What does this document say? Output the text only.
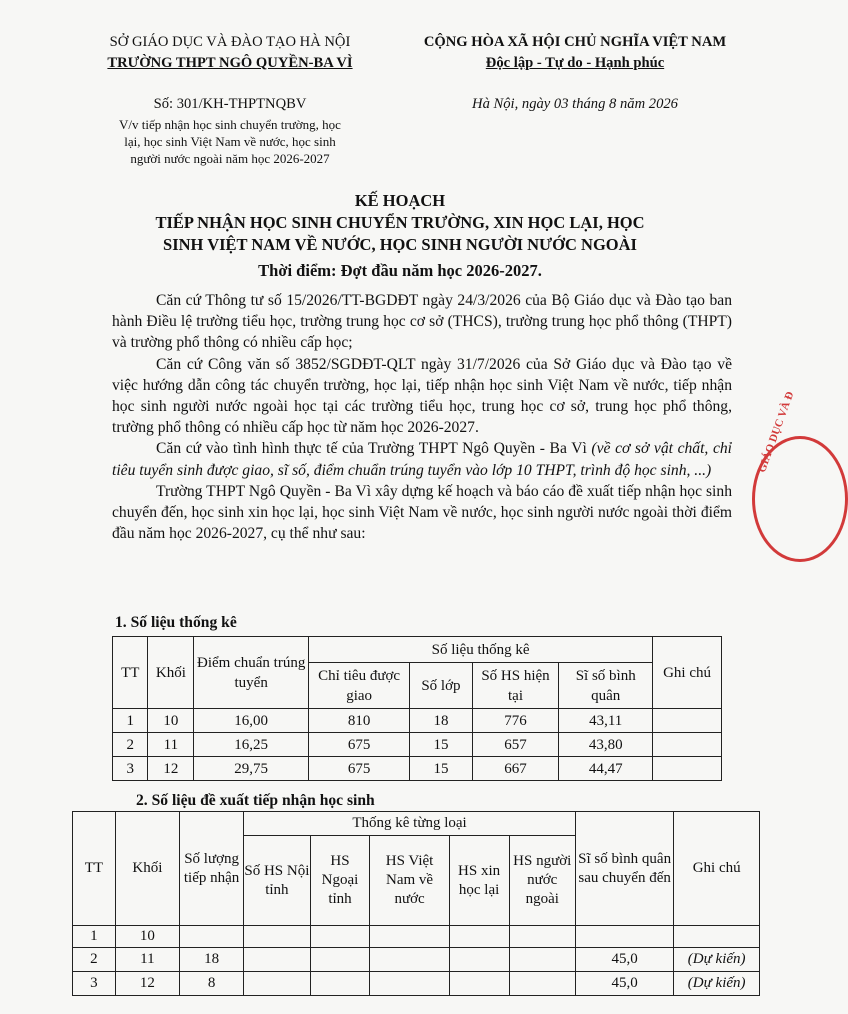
SỞ GIÁO DỤC VÀ ĐÀO TẠO HÀ NỘI
TRƯỜNG THPT NGÔ QUYỀN-BA VÌ
Số: 301/KH-THPTNQBV
CỘNG HÒA XÃ HỘI CHỦ NGHĨA VIỆT NAM
Độc lập - Tự do - Hạnh phúc
Hà Nội, ngày 03 tháng 8 năm 2026
V/v tiếp nhận học sinh chuyển trường, học
lại, học sinh Việt Nam về nước, học sinh
người nước ngoài năm học 2026-2027
KẾ HOẠCH
TIẾP NHẬN HỌC SINH CHUYỂN TRƯỜNG, XIN HỌC LẠI, HỌC
SINH VIỆT NAM VỀ NƯỚC, HỌC SINH NGƯỜI NƯỚC NGOÀI
Thời điểm: Đợt đầu năm học 2026-2027.

Căn cứ Thông tư số 15/2026/TT-BGDĐT ngày 24/3/2026 của Bộ Giáo dục và Đào tạo ban hành Điều lệ trường tiểu học, trường trung học cơ sở (THCS), trường trung học phổ thông (THPT) và trường phổ thông có nhiều cấp học;

Căn cứ Công văn số 3852/SGDĐT-QLT ngày 31/7/2026 của Sở Giáo dục và Đào tạo về việc hướng dẫn công tác chuyển trường, học lại, tiếp nhận học sinh Việt Nam về nước, tiếp nhận học sinh người nước ngoài học tại các trường tiểu học, trung học cơ sở, trung học phổ thông, trường phổ thông có nhiều cấp học từ năm học 2026-2027.

Căn cứ vào tình hình thực tế của Trường THPT Ngô Quyền - Ba Vì (về cơ sở vật chất, chỉ tiêu tuyển sinh được giao, sĩ số, điểm chuẩn trúng tuyển vào lớp 10 THPT, trình độ học sinh, ...)

Trường THPT Ngô Quyền - Ba Vì xây dựng kế hoạch và báo cáo đề xuất tiếp nhận học sinh chuyển đến, học sinh xin học lại, học sinh Việt Nam về nước, học sinh người nước ngoài thời điểm đầu năm học 2026-2027, cụ thể như sau:

1. Số liệu thống kê
TT	Khối	Điểm chuẩn trúng tuyển	Số liệu thống kê				Ghi chú
			Chỉ tiêu được giao	Số lớp	Số HS hiện tại	Sĩ số bình quân	
1	10	16,00	810	18	776	43,11	
2	11	16,25	675	15	657	43,80	
3	12	29,75	675	15	667	44,47	
2. Số liệu đề xuất tiếp nhận học sinh
TT	Khối	Số lượng tiếp nhận	Thống kê từng loại					Sĩ số bình quân sau chuyển đến	Ghi chú
			Số HS Nội tỉnh	HS Ngoại tỉnh	HS Việt Nam về nước	HS xin học lại	HS người nước ngoài		
1	10								
2	11	18						45,0	(Dự kiến)
3	12	8						45,0	(Dự kiến)
GIÁO DỤC VÀ Đ
